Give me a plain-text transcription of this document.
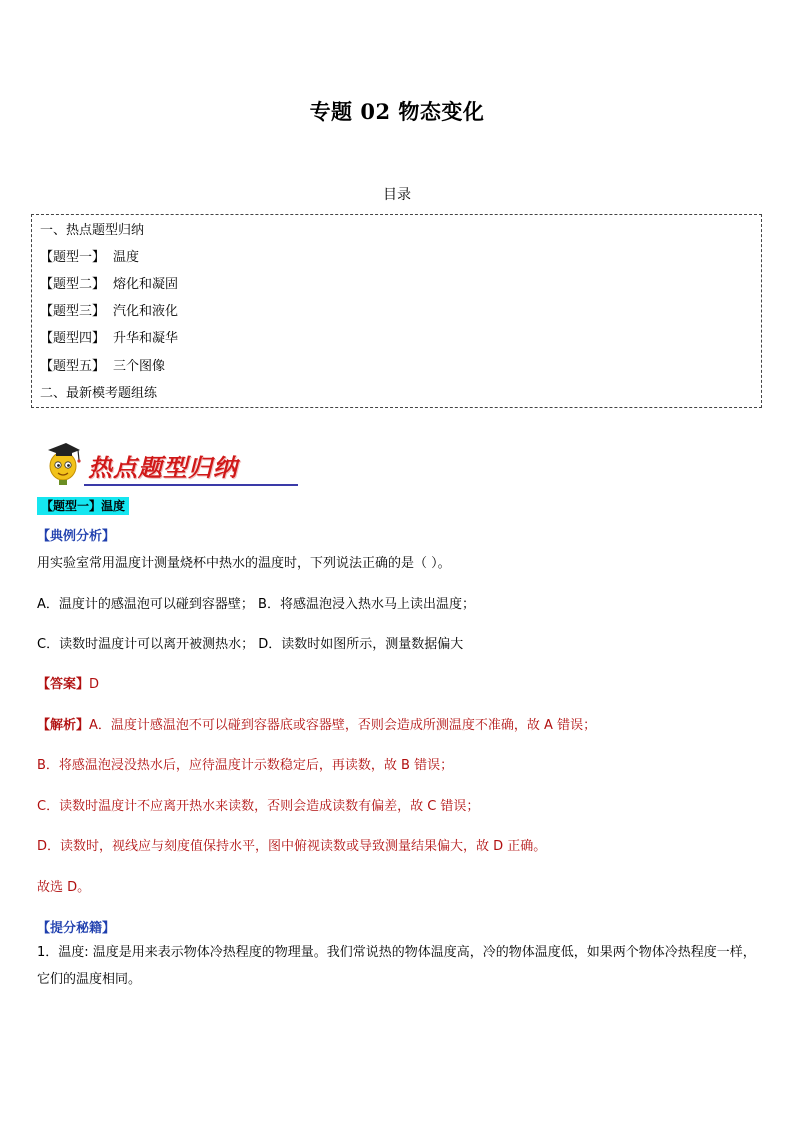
专题 02 物态变化
目录
一、热点题型归纳
【题型一】 温度
【题型二】 熔化和凝固
【题型三】 汽化和液化
【题型四】 升华和凝华
【题型五】 三个图像
二、最新模考题组练
热点题型归纳
【题型一】温度
【典例分析】
用实验室常用温度计测量烧杯中热水的温度时，下列说法正确的是（ ）。
A．温度计的感温泡可以碰到容器壁； B．将感温泡浸入热水马上读出温度；
C．读数时温度计可以离开被测热水； D．读数时如图所示，测量数据偏大
【答案】D
【解析】A．温度计感温泡不可以碰到容器底或容器壁，否则会造成所测温度不准确，故 A 错误；
B．将感温泡浸没热水后，应待温度计示数稳定后，再读数，故 B 错误；
C．读数时温度计不应离开热水来读数，否则会造成读数有偏差，故 C 错误；
D．读数时，视线应与刻度值保持水平，图中俯视读数或导致测量结果偏大，故 D 正确。
故选 D。
【提分秘籍】
1．温度: 温度是用来表示物体冷热程度的物理量。我们常说热的物体温度高，冷的物体温度低，如果两个物体冷热程度一样，它们的温度相同。
